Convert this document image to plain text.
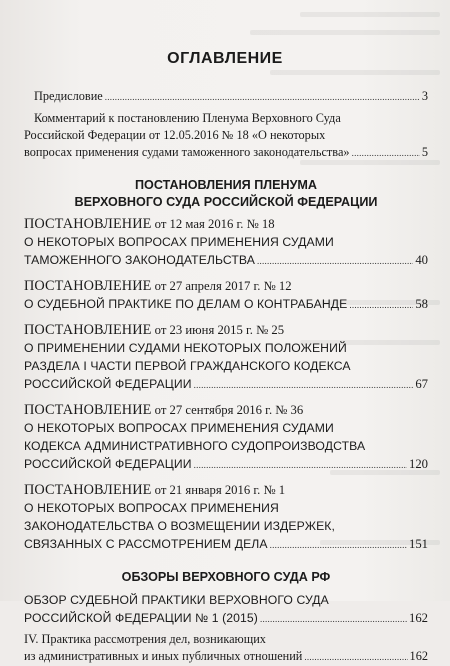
ОГЛАВЛЕНИЕ
Предисловие . . .	3
Комментарий к постановлению Пленума Верховного Суда
Российской Федерации от 12.05.2016 № 18 «О некоторых
вопросах применения судами таможенного законодательства» . . .	5
ПОСТАНОВЛЕНИЯ ПЛЕНУМА
ВЕРХОВНОГО СУДА РОССИЙСКОЙ ФЕДЕРАЦИИ
ПОСТАНОВЛЕНИЕ от 12 мая 2016 г. № 18
О НЕКОТОРЫХ ВОПРОСАХ ПРИМЕНЕНИЯ СУДАМИ
ТАМОЖЕННОГО ЗАКОНОДАТЕЛЬСТВА . . .	40
ПОСТАНОВЛЕНИЕ от 27 апреля 2017 г. № 12
О СУДЕБНОЙ ПРАКТИКЕ ПО ДЕЛАМ О КОНТРАБАНДЕ . . .	58
ПОСТАНОВЛЕНИЕ от 23 июня 2015 г. № 25
О ПРИМЕНЕНИИ СУДАМИ НЕКОТОРЫХ ПОЛОЖЕНИЙ
РАЗДЕЛА I ЧАСТИ ПЕРВОЙ ГРАЖДАНСКОГО КОДЕКСА
РОССИЙСКОЙ ФЕДЕРАЦИИ . . .	67
ПОСТАНОВЛЕНИЕ от 27 сентября 2016 г. № 36
О НЕКОТОРЫХ ВОПРОСАХ ПРИМЕНЕНИЯ СУДАМИ
КОДЕКСА АДМИНИСТРАТИВНОГО СУДОПРОИЗВОДСТВА
РОССИЙСКОЙ ФЕДЕРАЦИИ . . .	120
ПОСТАНОВЛЕНИЕ от 21 января 2016 г. № 1
О НЕКОТОРЫХ ВОПРОСАХ ПРИМЕНЕНИЯ
ЗАКОНОДАТЕЛЬСТВА О ВОЗМЕЩЕНИИ ИЗДЕРЖЕК,
СВЯЗАННЫХ С РАССМОТРЕНИЕМ ДЕЛА . . .	151
ОБЗОРЫ ВЕРХОВНОГО СУДА РФ
ОБЗОР СУДЕБНОЙ ПРАКТИКИ ВЕРХОВНОГО СУДА
РОССИЙСКОЙ ФЕДЕРАЦИИ № 1 (2015) . . .	162
IV. Практика рассмотрения дел, возникающих
из административных и иных публичных отношений . . .	162
